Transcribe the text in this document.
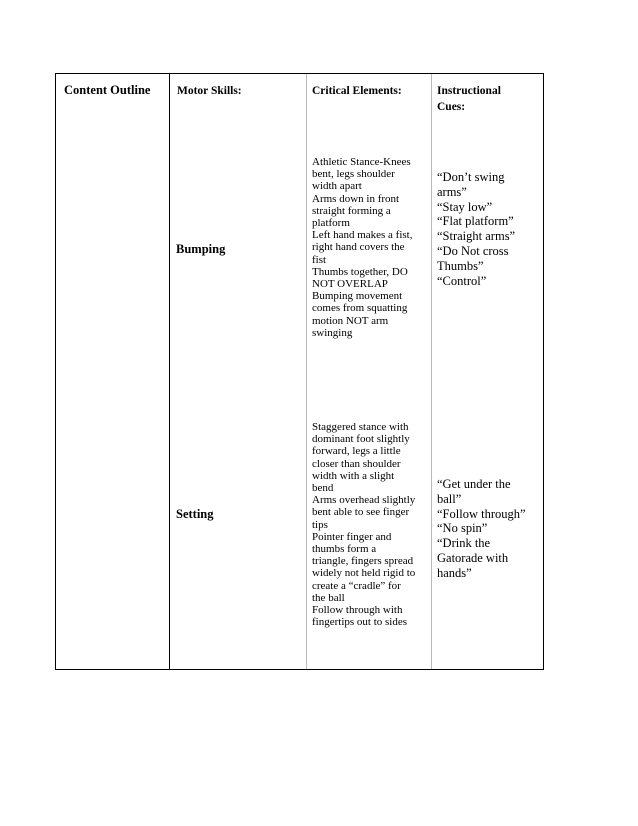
Content Outline Motor Skills:	Critical Elements:	Instructional
Cues:
Bumping
Athletic Stance-Knees
bent, legs shoulder
width apart
Arms down in front
straight forming a
platform
Left hand makes a fist,
right hand covers the
fist
Thumbs together, DO
NOT OVERLAP
Bumping movement
comes from squatting
motion NOT arm
swinging
“Don’t swing
arms”
“Stay low”
“Flat platform”
“Straight arms”
“Do Not cross
Thumbs”
“Control”
Setting
Staggered stance with
dominant foot slightly
forward, legs a little
closer than shoulder
width with a slight
bend
Arms overhead slightly
bent able to see finger
tips
Pointer finger and
thumbs form a
triangle, fingers spread
widely not held rigid to
create a “cradle” for
the ball
Follow through with
fingertips out to sides
“Get under the
ball”
“Follow through”
“No spin”
“Drink the
Gatorade with
hands”
